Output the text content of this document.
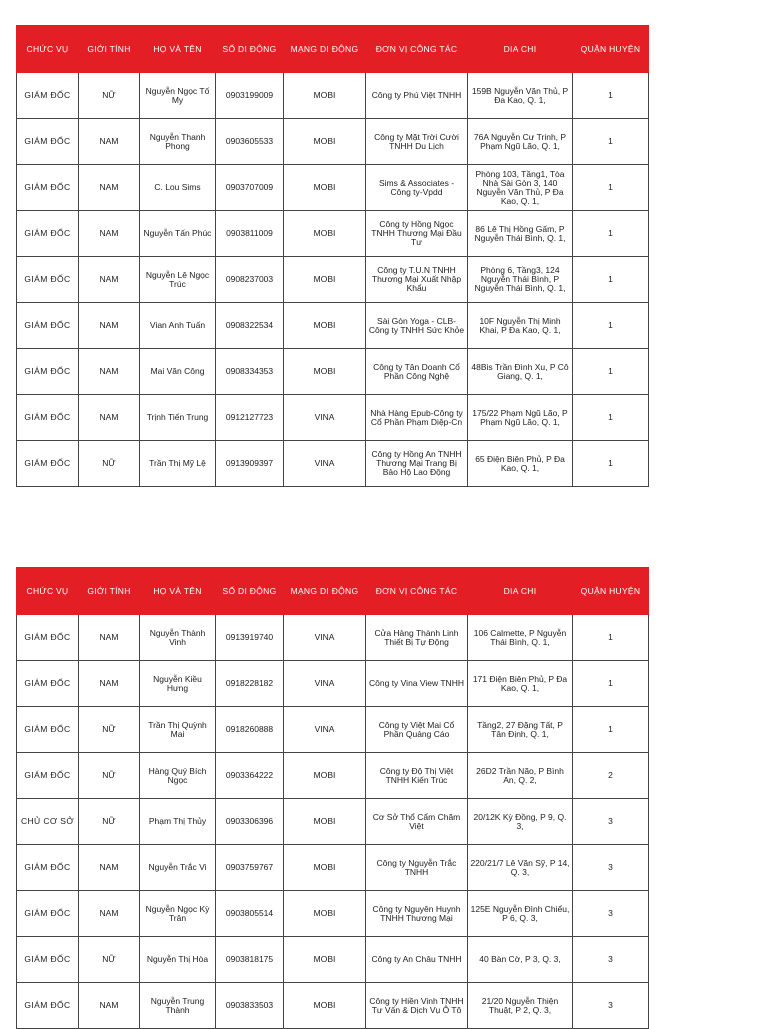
CHỨC VỤ	GIỚI TÍNH	HỌ VÀ TÊN	SỐ DI ĐỘNG	MẠNG DI ĐỘNG	ĐƠN VỊ CÔNG TÁC	DIA CHI	QUẬN HUYỆN
GIÁM ĐỐC	NỮ	Nguyễn Ngọc Tố My	0903199009	MOBI	Công ty Phú Việt TNHH	159B Nguyễn Văn Thủ, P Đa Kao, Q. 1,	1
GIÁM ĐỐC	NAM	Nguyễn Thanh Phong	0903605533	MOBI	Công ty Mặt Trời Cười TNHH Du Lịch	76A Nguyễn Cư Trinh, P Phạm Ngũ Lão, Q. 1,	1
GIÁM ĐỐC	NAM	C. Lou Sims	0903707009	MOBI	Sims & Associates - Công ty-Vpdd	Phòng 103, Tầng1, Tòa Nhà Sài Gòn 3, 140 Nguyễn Văn Thủ, P Đa Kao, Q. 1,	1
GIÁM ĐỐC	NAM	Nguyễn Tấn Phúc	0903811009	MOBI	Công ty Hồng Ngọc TNHH Thương Mại Đầu Tư	86 Lê Thị Hồng Gấm, P Nguyễn Thái Bình, Q. 1,	1
GIÁM ĐỐC	NAM	Nguyễn Lê Ngọc Trúc	0908237003	MOBI	Công ty T.U.N TNHH Thương Mại Xuất Nhập Khẩu	Phòng 6, Tầng3, 124 Nguyễn Thái Bình, P Nguyễn Thái Bình, Q. 1,	1
GIÁM ĐỐC	NAM	Vian Anh Tuấn	0908322534	MOBI	Sài Gòn Yoga - CLB-Công ty TNHH Sức Khỏe	10F Nguyễn Thị Minh Khai, P Đa Kao, Q. 1,	1
GIÁM ĐỐC	NAM	Mai Văn Công	0908334353	MOBI	Công ty Tân Doanh Cổ Phần Công Nghệ	48Bis Trần Đình Xu, P Cô Giang, Q. 1,	1
GIÁM ĐỐC	NAM	Trịnh Tiến Trung	0912127723	VINA	Nhà Hàng Epub-Công ty Cổ Phần Phạm Diệp-Cn	175/22 Phạm Ngũ Lão, P Phạm Ngũ Lão, Q. 1,	1
GIÁM ĐỐC	NỮ	Trần Thị Mỹ Lệ	0913909397	VINA	Công ty Hồng An TNHH Thương Mại Trang Bị Bảo Hộ Lao Động	65 Điện Biên Phủ, P Đa Kao, Q. 1,	1
CHỨC VỤ	GIỚI TÍNH	HỌ VÀ TÊN	SỐ DI ĐỘNG	MẠNG DI ĐỘNG	ĐƠN VỊ CÔNG TÁC	DIA CHI	QUẬN HUYỆN
GIÁM ĐỐC	NAM	Nguyễn Thành Vinh	0913919740	VINA	Cửa Hàng Thành Linh Thiết Bị Tự Động	106 Calmette, P Nguyễn Thái Bình, Q. 1,	1
GIÁM ĐỐC	NAM	Nguyễn Kiều Hưng	0918228182	VINA	Công ty Vina View TNHH	171 Điện Biên Phủ, P Đa Kao, Q. 1,	1
GIÁM ĐỐC	NỮ	Trần Thị Quỳnh Mai	0918260888	VINA	Công ty Việt Mai Cổ Phần Quảng Cáo	Tầng2, 27 Đặng Tất, P Tân Định, Q. 1,	1
GIÁM ĐỐC	NỮ	Hàng Quý Bích Ngọc	0903364222	MOBI	Công ty Độ Thị Việt TNHH Kiến Trúc	26D2 Trần Não, P Bình An, Q. 2,	2
CHỦ CƠ SỞ	NỮ	Phạm Thị Thủy	0903306396	MOBI	Cơ Sở Thổ Cẩm Chăm Việt	20/12K Kỳ Đồng, P 9, Q. 3,	3
GIÁM ĐỐC	NAM	Nguyễn Trắc Vi	0903759767	MOBI	Công ty Nguyễn Trắc TNHH	220/21/7 Lê Văn Sỹ, P 14, Q. 3,	3
GIÁM ĐỐC	NAM	Nguyễn Ngọc Kỳ Trân	0903805514	MOBI	Công ty Nguyên Huynh TNHH Thương Mại	125E Nguyễn Đình Chiểu, P 6, Q. 3,	3
GIÁM ĐỐC	NỮ	Nguyễn Thị Hòa	0903818175	MOBI	Công ty An Châu TNHH	40 Bàn Cờ, P 3, Q. 3,	3
GIÁM ĐỐC	NAM	Nguyễn Trung Thành	0903833503	MOBI	Công ty Hiền Vinh TNHH Tư Vấn & Dịch Vụ Ô Tô	21/20 Nguyễn Thiện Thuật, P 2, Q. 3,	3
